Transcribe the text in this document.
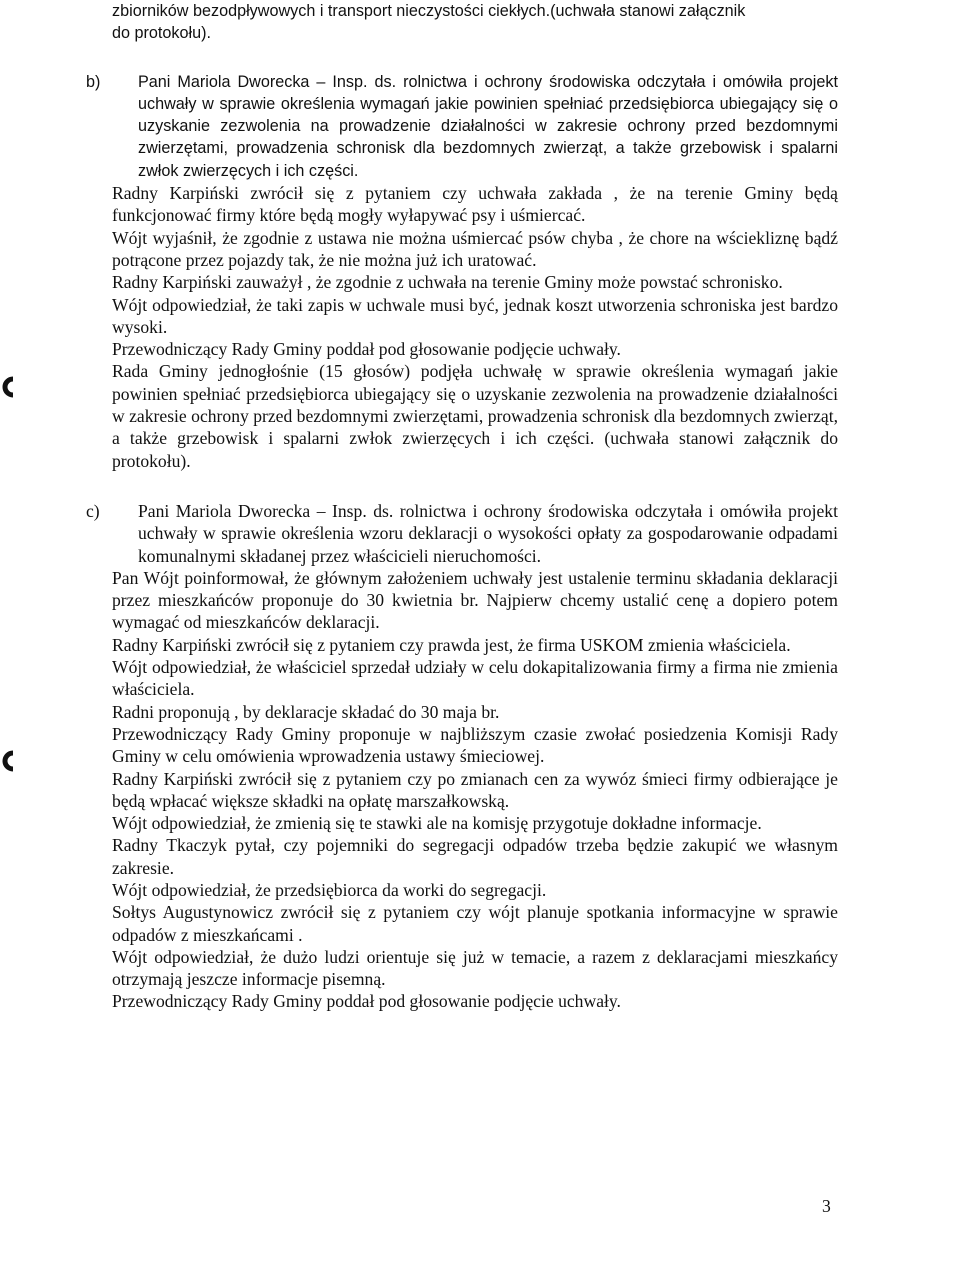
zbiorników bezodpływowych i transport nieczystości ciekłych.(uchwała stanowi załącznik
do protokołu).

b) Pani Mariola Dworecka – Insp. ds. rolnictwa i ochrony środowiska odczytała i omówiła projekt uchwały w sprawie określenia wymagań jakie powinien spełniać przedsiębiorca ubiegający się o uzyskanie zezwolenia na prowadzenie działalności w zakresie ochrony przed bezdomnymi zwierzętami, prowadzenia schronisk dla bezdomnych zwierząt, a także grzebowisk i spalarni zwłok zwierzęcych i ich części.

Radny Karpiński zwrócił się z pytaniem czy uchwała zakłada , że na terenie Gminy będą funkcjonować firmy które będą mogły wyłapywać psy i uśmiercać.

Wójt wyjaśnił, że zgodnie z ustawa nie można uśmiercać psów chyba , że chore na wściekliznę bądź potrącone przez pojazdy tak, że nie można już ich uratować.

Radny Karpiński zauważył , że zgodnie z uchwała na terenie Gminy może powstać schronisko.

Wójt odpowiedział, że taki zapis w uchwale musi być, jednak koszt utworzenia schroniska jest bardzo wysoki.

Przewodniczący Rady Gminy poddał pod głosowanie podjęcie uchwały.

Rada Gminy jednogłośnie (15 głosów) podjęła uchwałę w sprawie określenia wymagań jakie powinien spełniać przedsiębiorca ubiegający się o uzyskanie zezwolenia na prowadzenie działalności w zakresie ochrony przed bezdomnymi zwierzętami, prowadzenia schronisk dla bezdomnych zwierząt, a także grzebowisk i spalarni zwłok zwierzęcych i ich części. (uchwała stanowi załącznik do protokołu).

c) Pani Mariola Dworecka – Insp. ds. rolnictwa i ochrony środowiska odczytała i omówiła projekt uchwały w sprawie określenia wzoru deklaracji o wysokości opłaty za gospodarowanie odpadami komunalnymi składanej przez właścicieli nieruchomości.

Pan Wójt poinformował, że głównym założeniem uchwały jest ustalenie terminu składania deklaracji przez mieszkańców proponuje do 30 kwietnia br. Najpierw chcemy ustalić cenę a dopiero potem wymagać od mieszkańców deklaracji.

Radny Karpiński zwrócił się z pytaniem czy prawda jest, że firma USKOM zmienia właściciela.

Wójt odpowiedział, że właściciel sprzedał udziały w celu dokapitalizowania firmy a firma nie zmienia właściciela.

Radni proponują , by deklaracje składać do 30 maja br.

Przewodniczący Rady Gminy proponuje w najbliższym czasie zwołać posiedzenia Komisji Rady Gminy w celu omówienia wprowadzenia ustawy śmieciowej.

Radny Karpiński zwrócił się z pytaniem czy po zmianach cen za wywóz śmieci firmy odbierające je będą wpłacać większe składki na opłatę marszałkowską.

Wójt odpowiedział, że zmienią się te stawki ale na komisję przygotuje dokładne informacje.

Radny Tkaczyk pytał, czy pojemniki do segregacji odpadów trzeba będzie zakupić we własnym zakresie.

Wójt odpowiedział, że przedsiębiorca da worki do segregacji.

Sołtys Augustynowicz zwrócił się z pytaniem czy wójt planuje spotkania informacyjne w sprawie odpadów z mieszkańcami .

Wójt odpowiedział, że dużo ludzi orientuje się już w temacie, a razem z deklaracjami mieszkańcy otrzymają jeszcze informacje pisemną.

Przewodniczący Rady Gminy poddał pod głosowanie podjęcie uchwały.

3
